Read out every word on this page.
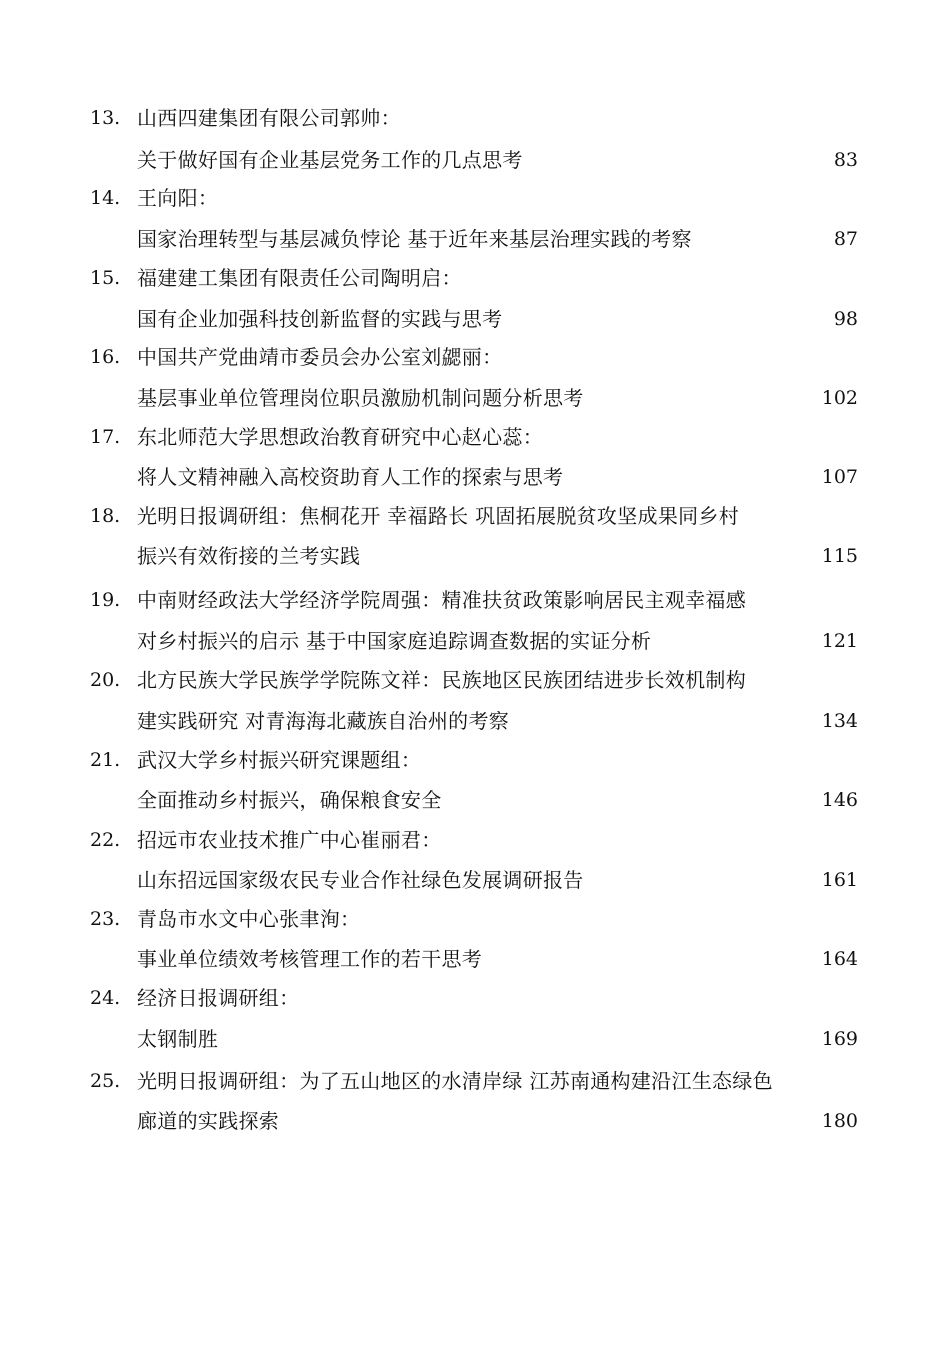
13. 山西四建集团有限公司郭帅：
关于做好国有企业基层党务工作的几点思考	83
14. 王向阳：
国家治理转型与基层减负悖论 基于近年来基层治理实践的考察	87
15. 福建建工集团有限责任公司陶明启：
国有企业加强科技创新监督的实践与思考	98
16. 中国共产党曲靖市委员会办公室刘勰丽：
基层事业单位管理岗位职员激励机制问题分析思考	102
17. 东北师范大学思想政治教育研究中心赵心蕊：
将人文精神融入高校资助育人工作的探索与思考	107
18. 光明日报调研组：焦桐花开 幸福路长 巩固拓展脱贫攻坚成果同乡村
振兴有效衔接的兰考实践	115
19. 中南财经政法大学经济学院周强：精准扶贫政策影响居民主观幸福感
对乡村振兴的启示 基于中国家庭追踪调查数据的实证分析	121
20. 北方民族大学民族学学院陈文祥：民族地区民族团结进步长效机制构
建实践研究 对青海海北藏族自治州的考察	134
21. 武汉大学乡村振兴研究课题组：
全面推动乡村振兴，确保粮食安全	146
22. 招远市农业技术推广中心崔丽君：
山东招远国家级农民专业合作社绿色发展调研报告	161
23. 青岛市水文中心张聿洵：
事业单位绩效考核管理工作的若干思考	164
24. 经济日报调研组：
太钢制胜	169
25. 光明日报调研组：为了五山地区的水清岸绿 江苏南通构建沿江生态绿色
廊道的实践探索	180
